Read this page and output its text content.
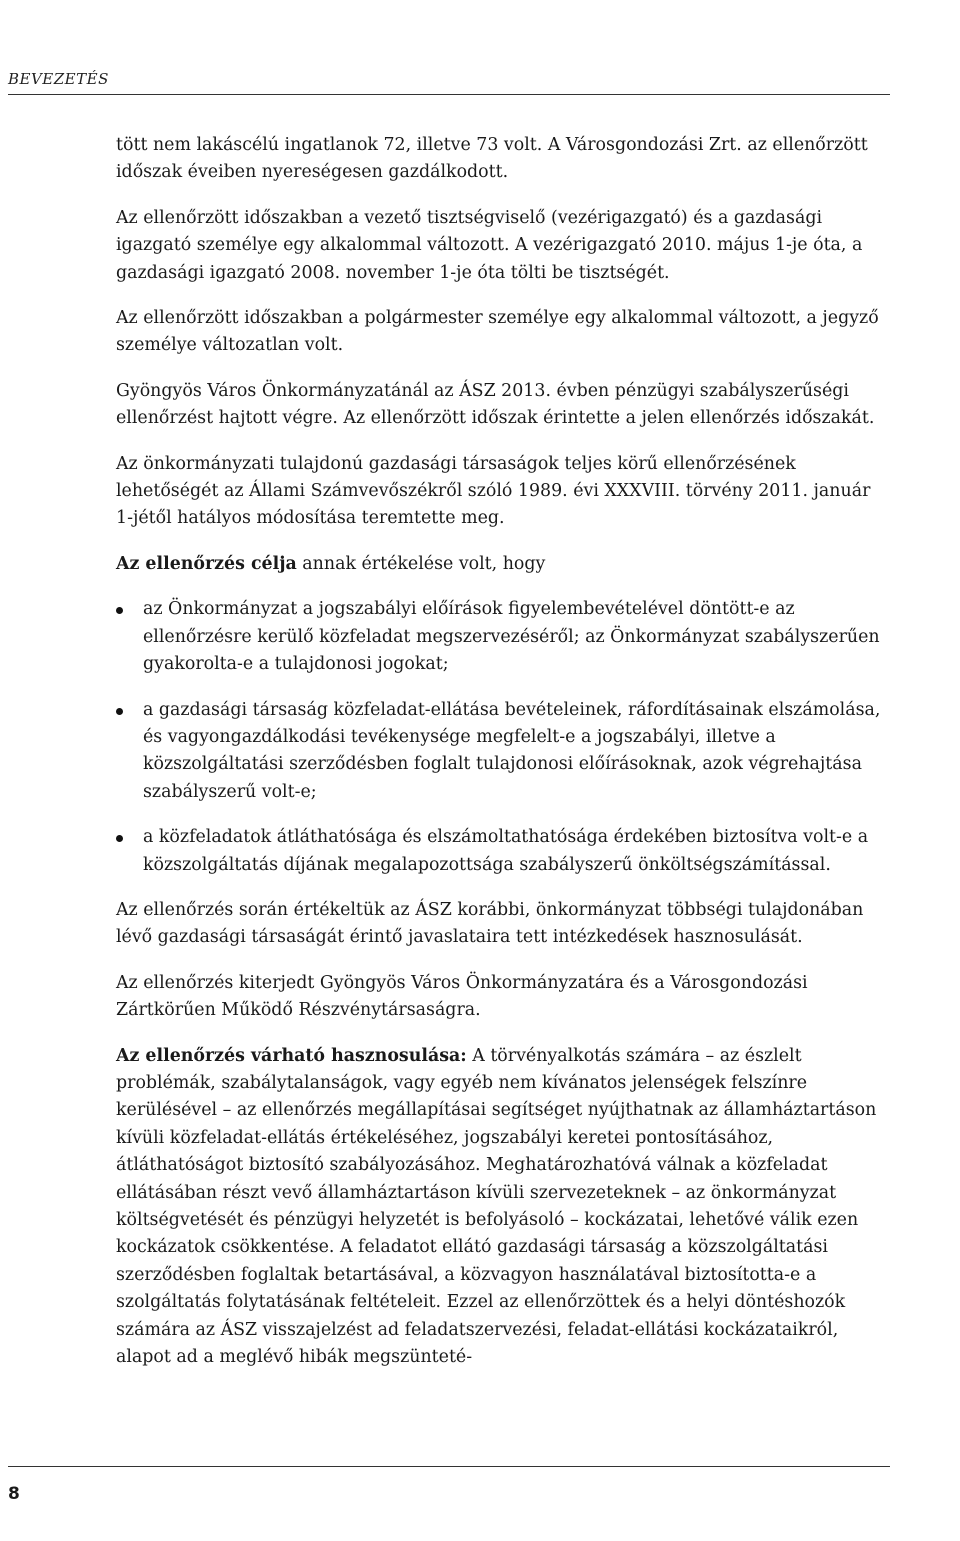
BEVEZETÉS

tött nem lakáscélú ingatlanok 72, illetve 73 volt. A Városgondozási Zrt. az ellenőrzött időszak éveiben nyereségesen gazdálkodott.

Az ellenőrzött időszakban a vezető tisztségviselő (vezérigazgató) és a gazdasági igazgató személye egy alkalommal változott. A vezérigazgató 2010. május 1-je óta, a gazdasági igazgató 2008. november 1-je óta tölti be tisztségét.

Az ellenőrzött időszakban a polgármester személye egy alkalommal változott, a jegyző személye változatlan volt.

Gyöngyös Város Önkormányzatánál az ÁSZ 2013. évben pénzügyi szabályszerűségi ellenőrzést hajtott végre. Az ellenőrzött időszak érintette a jelen ellenőrzés időszakát.

Az önkormányzati tulajdonú gazdasági társaságok teljes körű ellenőrzésének lehetőségét az Állami Számvevőszékről szóló 1989. évi XXXVIII. törvény 2011. január 1-jétől hatályos módosítása teremtette meg.

Az ellenőrzés célja annak értékelése volt, hogy

az Önkormányzat a jogszabályi előírások figyelembevételével döntött-e az ellenőrzésre kerülő közfeladat megszervezéséről; az Önkormányzat szabályszerűen gyakorolta-e a tulajdonosi jogokat;
a gazdasági társaság közfeladat-ellátása bevételeinek, ráfordításainak elszámolása, és vagyongazdálkodási tevékenysége megfelelt-e a jogszabályi, illetve a közszolgáltatási szerződésben foglalt tulajdonosi előírásoknak, azok végrehajtása szabályszerű volt-e;
a közfeladatok átláthatósága és elszámoltathatósága érdekében biztosítva volt-e a közszolgáltatás díjának megalapozottsága szabályszerű önköltségszámítással.

Az ellenőrzés során értékeltük az ÁSZ korábbi, önkormányzat többségi tulajdonában lévő gazdasági társaságát érintő javaslataira tett intézkedések hasznosulását.

Az ellenőrzés kiterjedt Gyöngyös Város Önkormányzatára és a Városgondozási Zártkörűen Működő Részvénytársaságra.

Az ellenőrzés várható hasznosulása: A törvényalkotás számára – az észlelt problémák, szabálytalanságok, vagy egyéb nem kívánatos jelenségek felszínre kerülésével – az ellenőrzés megállapításai segítséget nyújthatnak az államháztartáson kívüli közfeladat-ellátás értékeléséhez, jogszabályi keretei pontosításához, átláthatóságot biztosító szabályozásához. Meghatározhatóvá válnak a közfeladat ellátásában részt vevő államháztartáson kívüli szervezeteknek – az önkormányzat költségvetését és pénzügyi helyzetét is befolyásoló – kockázatai, lehetővé válik ezen kockázatok csökkentése. A feladatot ellátó gazdasági társaság a közszolgáltatási szerződésben foglaltak betartásával, a közvagyon használatával biztosította-e a szolgáltatás folytatásának feltételeit. Ezzel az ellenőrzöttek és a helyi döntéshozók számára az ÁSZ visszajelzést ad feladatszervezési, feladat-ellátási kockázataikról, alapot ad a meglévő hibák megszünteté-

8
